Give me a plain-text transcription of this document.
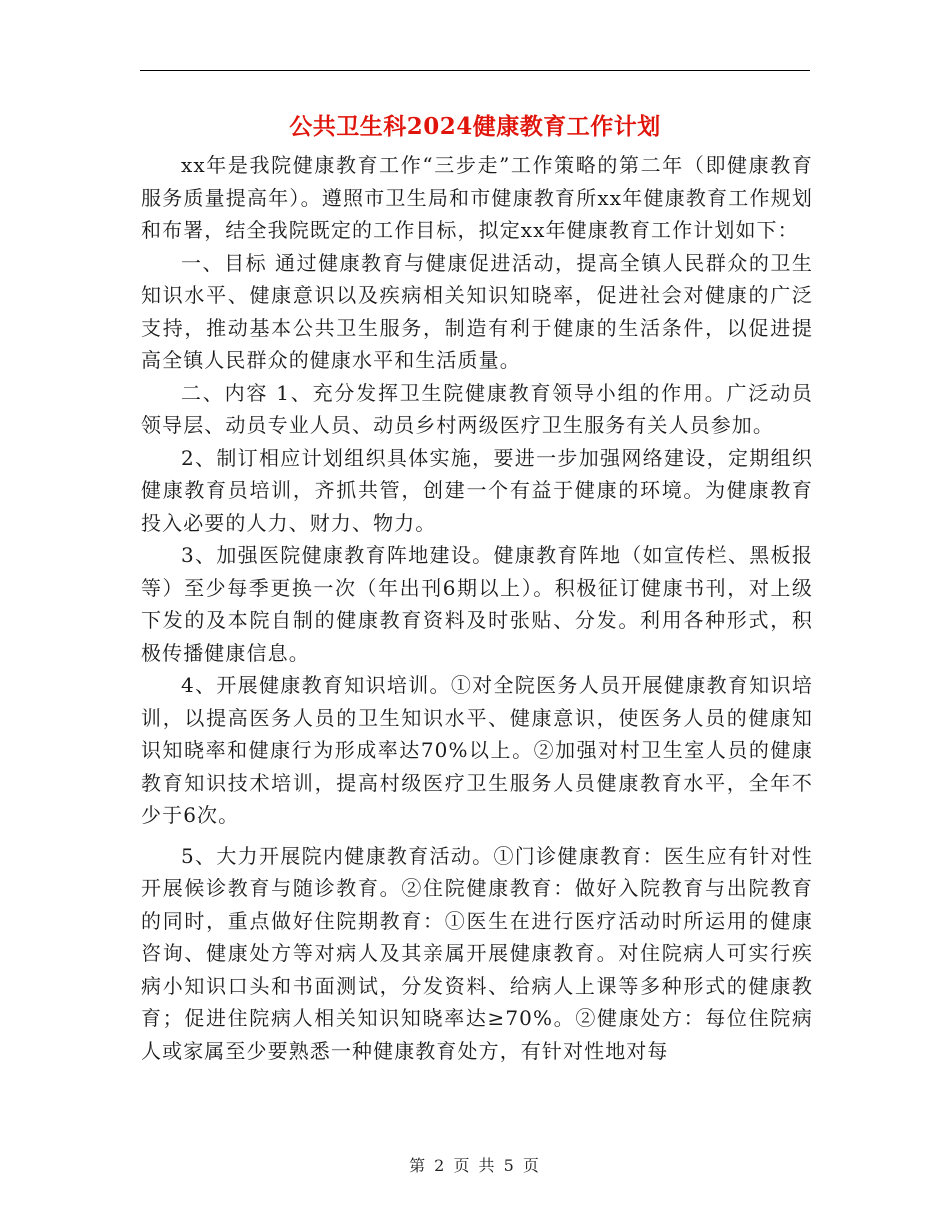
公共卫生科2024健康教育工作计划

xx年是我院健康教育工作“三步走”工作策略的第二年（即健康教育服务质量提高年）。遵照市卫生局和市健康教育所xx年健康教育工作规划和布署，结全我院既定的工作目标，拟定xx年健康教育工作计划如下：

一、目标 通过健康教育与健康促进活动，提高全镇人民群众的卫生知识水平、健康意识以及疾病相关知识知晓率，促进社会对健康的广泛支持，推动基本公共卫生服务，制造有利于健康的生活条件，以促进提高全镇人民群众的健康水平和生活质量。

二、内容 1、充分发挥卫生院健康教育领导小组的作用。广泛动员领导层、动员专业人员、动员乡村两级医疗卫生服务有关人员参加。

2、制订相应计划组织具体实施，要进一步加强网络建设，定期组织健康教育员培训，齐抓共管，创建一个有益于健康的环境。为健康教育投入必要的人力、财力、物力。

3、加强医院健康教育阵地建设。健康教育阵地（如宣传栏、黑板报等）至少每季更换一次（年出刊6期以上）。积极征订健康书刊，对上级下发的及本院自制的健康教育资料及时张贴、分发。利用各种形式，积极传播健康信息。

4、开展健康教育知识培训。①对全院医务人员开展健康教育知识培训，以提高医务人员的卫生知识水平、健康意识，使医务人员的健康知识知晓率和健康行为形成率达70%以上。②加强对村卫生室人员的健康教育知识技术培训，提高村级医疗卫生服务人员健康教育水平，全年不少于6次。

5、大力开展院内健康教育活动。①门诊健康教育：医生应有针对性开展候诊教育与随诊教育。②住院健康教育：做好入院教育与出院教育的同时，重点做好住院期教育：①医生在进行医疗活动时所运用的健康咨询、健康处方等对病人及其亲属开展健康教育。对住院病人可实行疾病小知识口头和书面测试，分发资料、给病人上课等多种形式的健康教育；促进住院病人相关知识知晓率达≥70%。②健康处方：每位住院病人或家属至少要熟悉一种健康教育处方，有针对性地对每

第 2 页 共 5 页
